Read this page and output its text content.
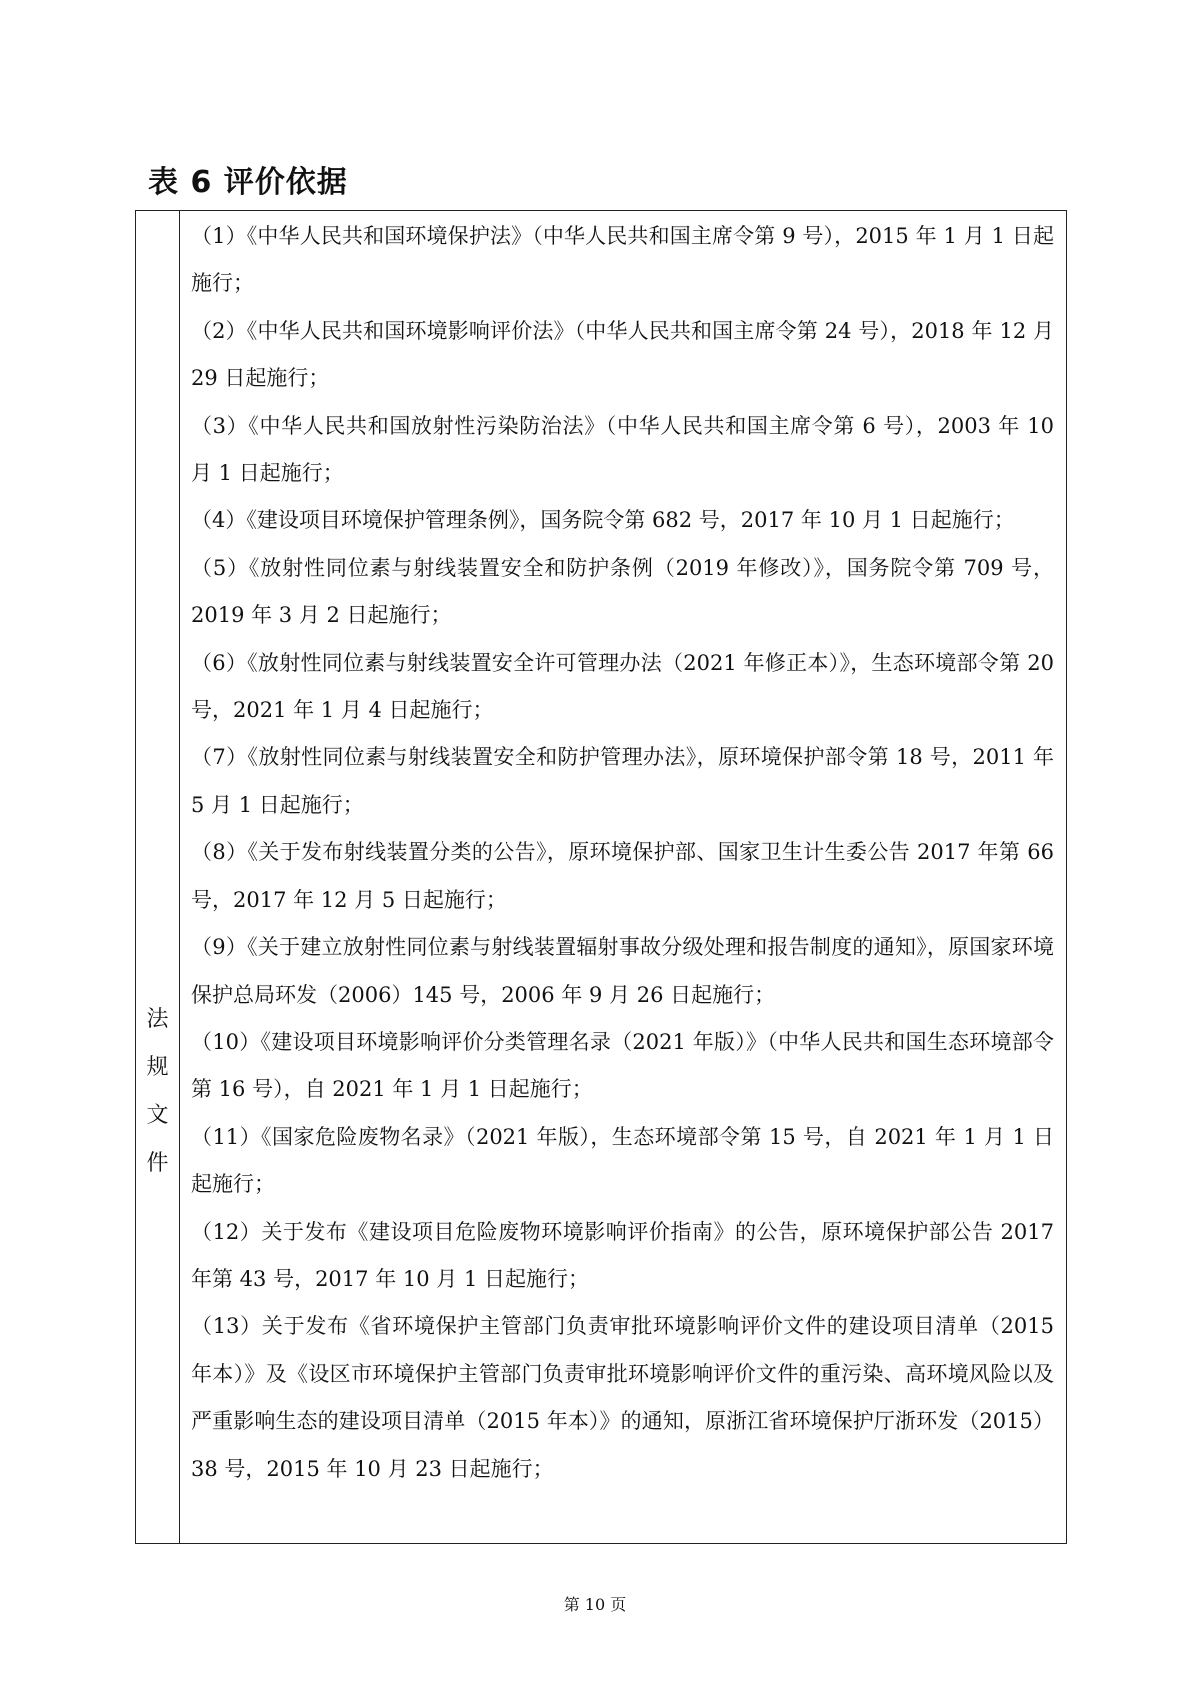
表 6 评价依据
法
规
文
件

（1）《中华人民共和国环境保护法》（中华人民共和国主席令第 9 号），2015 年 1 月 1 日起施行；

（2）《中华人民共和国环境影响评价法》（中华人民共和国主席令第 24 号），2018 年 12 月 29 日起施行；

（3）《中华人民共和国放射性污染防治法》（中华人民共和国主席令第 6 号），2003 年 10 月 1 日起施行；

（4）《建设项目环境保护管理条例》，国务院令第 682 号，2017 年 10 月 1 日起施行；

（5）《放射性同位素与射线装置安全和防护条例（2019 年修改）》，国务院令第 709 号，2019 年 3 月 2 日起施行；

（6）《放射性同位素与射线装置安全许可管理办法（2021 年修正本）》，生态环境部令第 20 号，2021 年 1 月 4 日起施行；

（7）《放射性同位素与射线装置安全和防护管理办法》，原环境保护部令第 18 号，2011 年 5 月 1 日起施行；

（8）《关于发布射线装置分类的公告》，原环境保护部、国家卫生计生委公告 2017 年第 66 号，2017 年 12 月 5 日起施行；

（9）《关于建立放射性同位素与射线装置辐射事故分级处理和报告制度的通知》，原国家环境保护总局环发（2006）145 号，2006 年 9 月 26 日起施行；

（10）《建设项目环境影响评价分类管理名录（2021 年版）》（中华人民共和国生态环境部令第 16 号），自 2021 年 1 月 1 日起施行；

（11）《国家危险废物名录》（2021 年版），生态环境部令第 15 号，自 2021 年 1 月 1 日起施行；

（12）关于发布《建设项目危险废物环境影响评价指南》的公告，原环境保护部公告 2017 年第 43 号，2017 年 10 月 1 日起施行；

（13）关于发布《省环境保护主管部门负责审批环境影响评价文件的建设项目清单（2015 年本）》及《设区市环境保护主管部门负责审批环境影响评价文件的重污染、高环境风险以及严重影响生态的建设项目清单（2015 年本）》的通知，原浙江省环境保护厅浙环发（2015）38 号，2015 年 10 月 23 日起施行；

第 10 页
